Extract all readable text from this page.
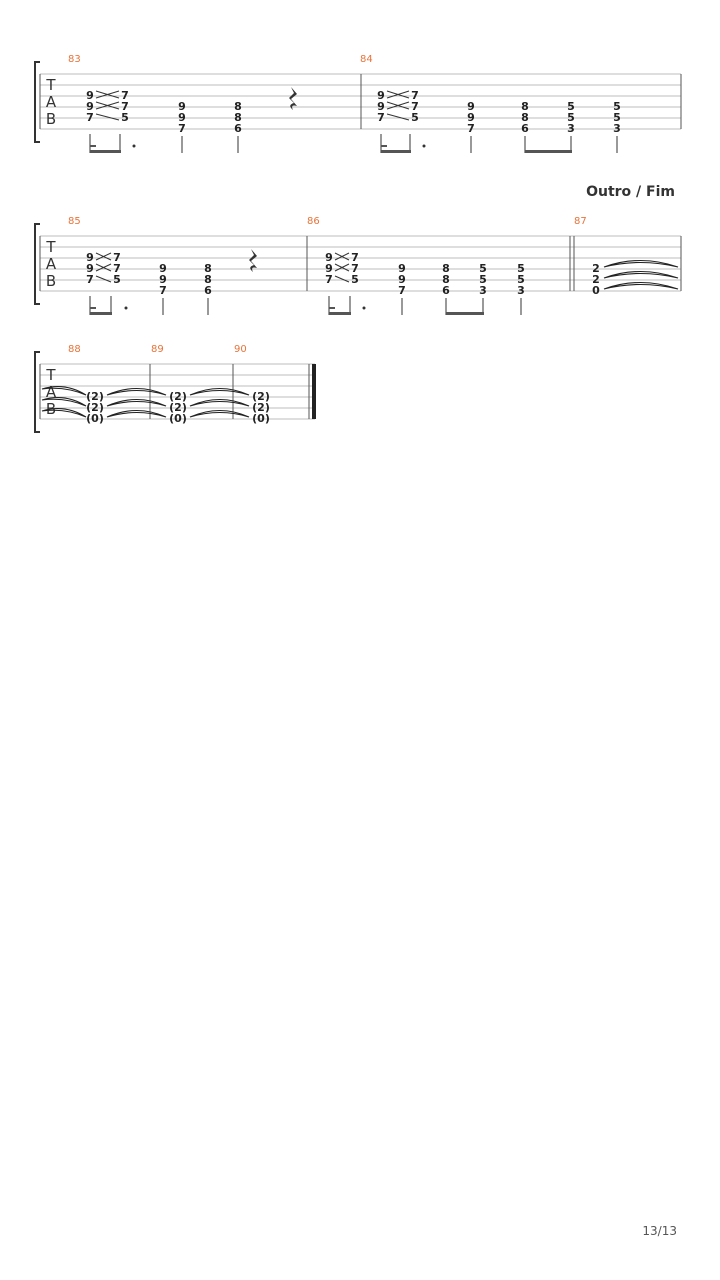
T
A
B
83
9
9
7
7
7
5
9
9
7
8
8
6
84
9
9
7
7
7
5
9
9
7
8
8
6
5
5
3
5
5
3
Outro / Fim
T
A
B
85
9
9
7
7
7
5
9
9
7
8
8
6
86
9
9
7
7
7
5
9
9
7
8
8
6
5
5
3
5
5
3
87
2
2
0
T
A
B
88
(2)
(2)
(0)
89
(2)
(2)
(0)
90
(2)
(2)
(0)
13/13
